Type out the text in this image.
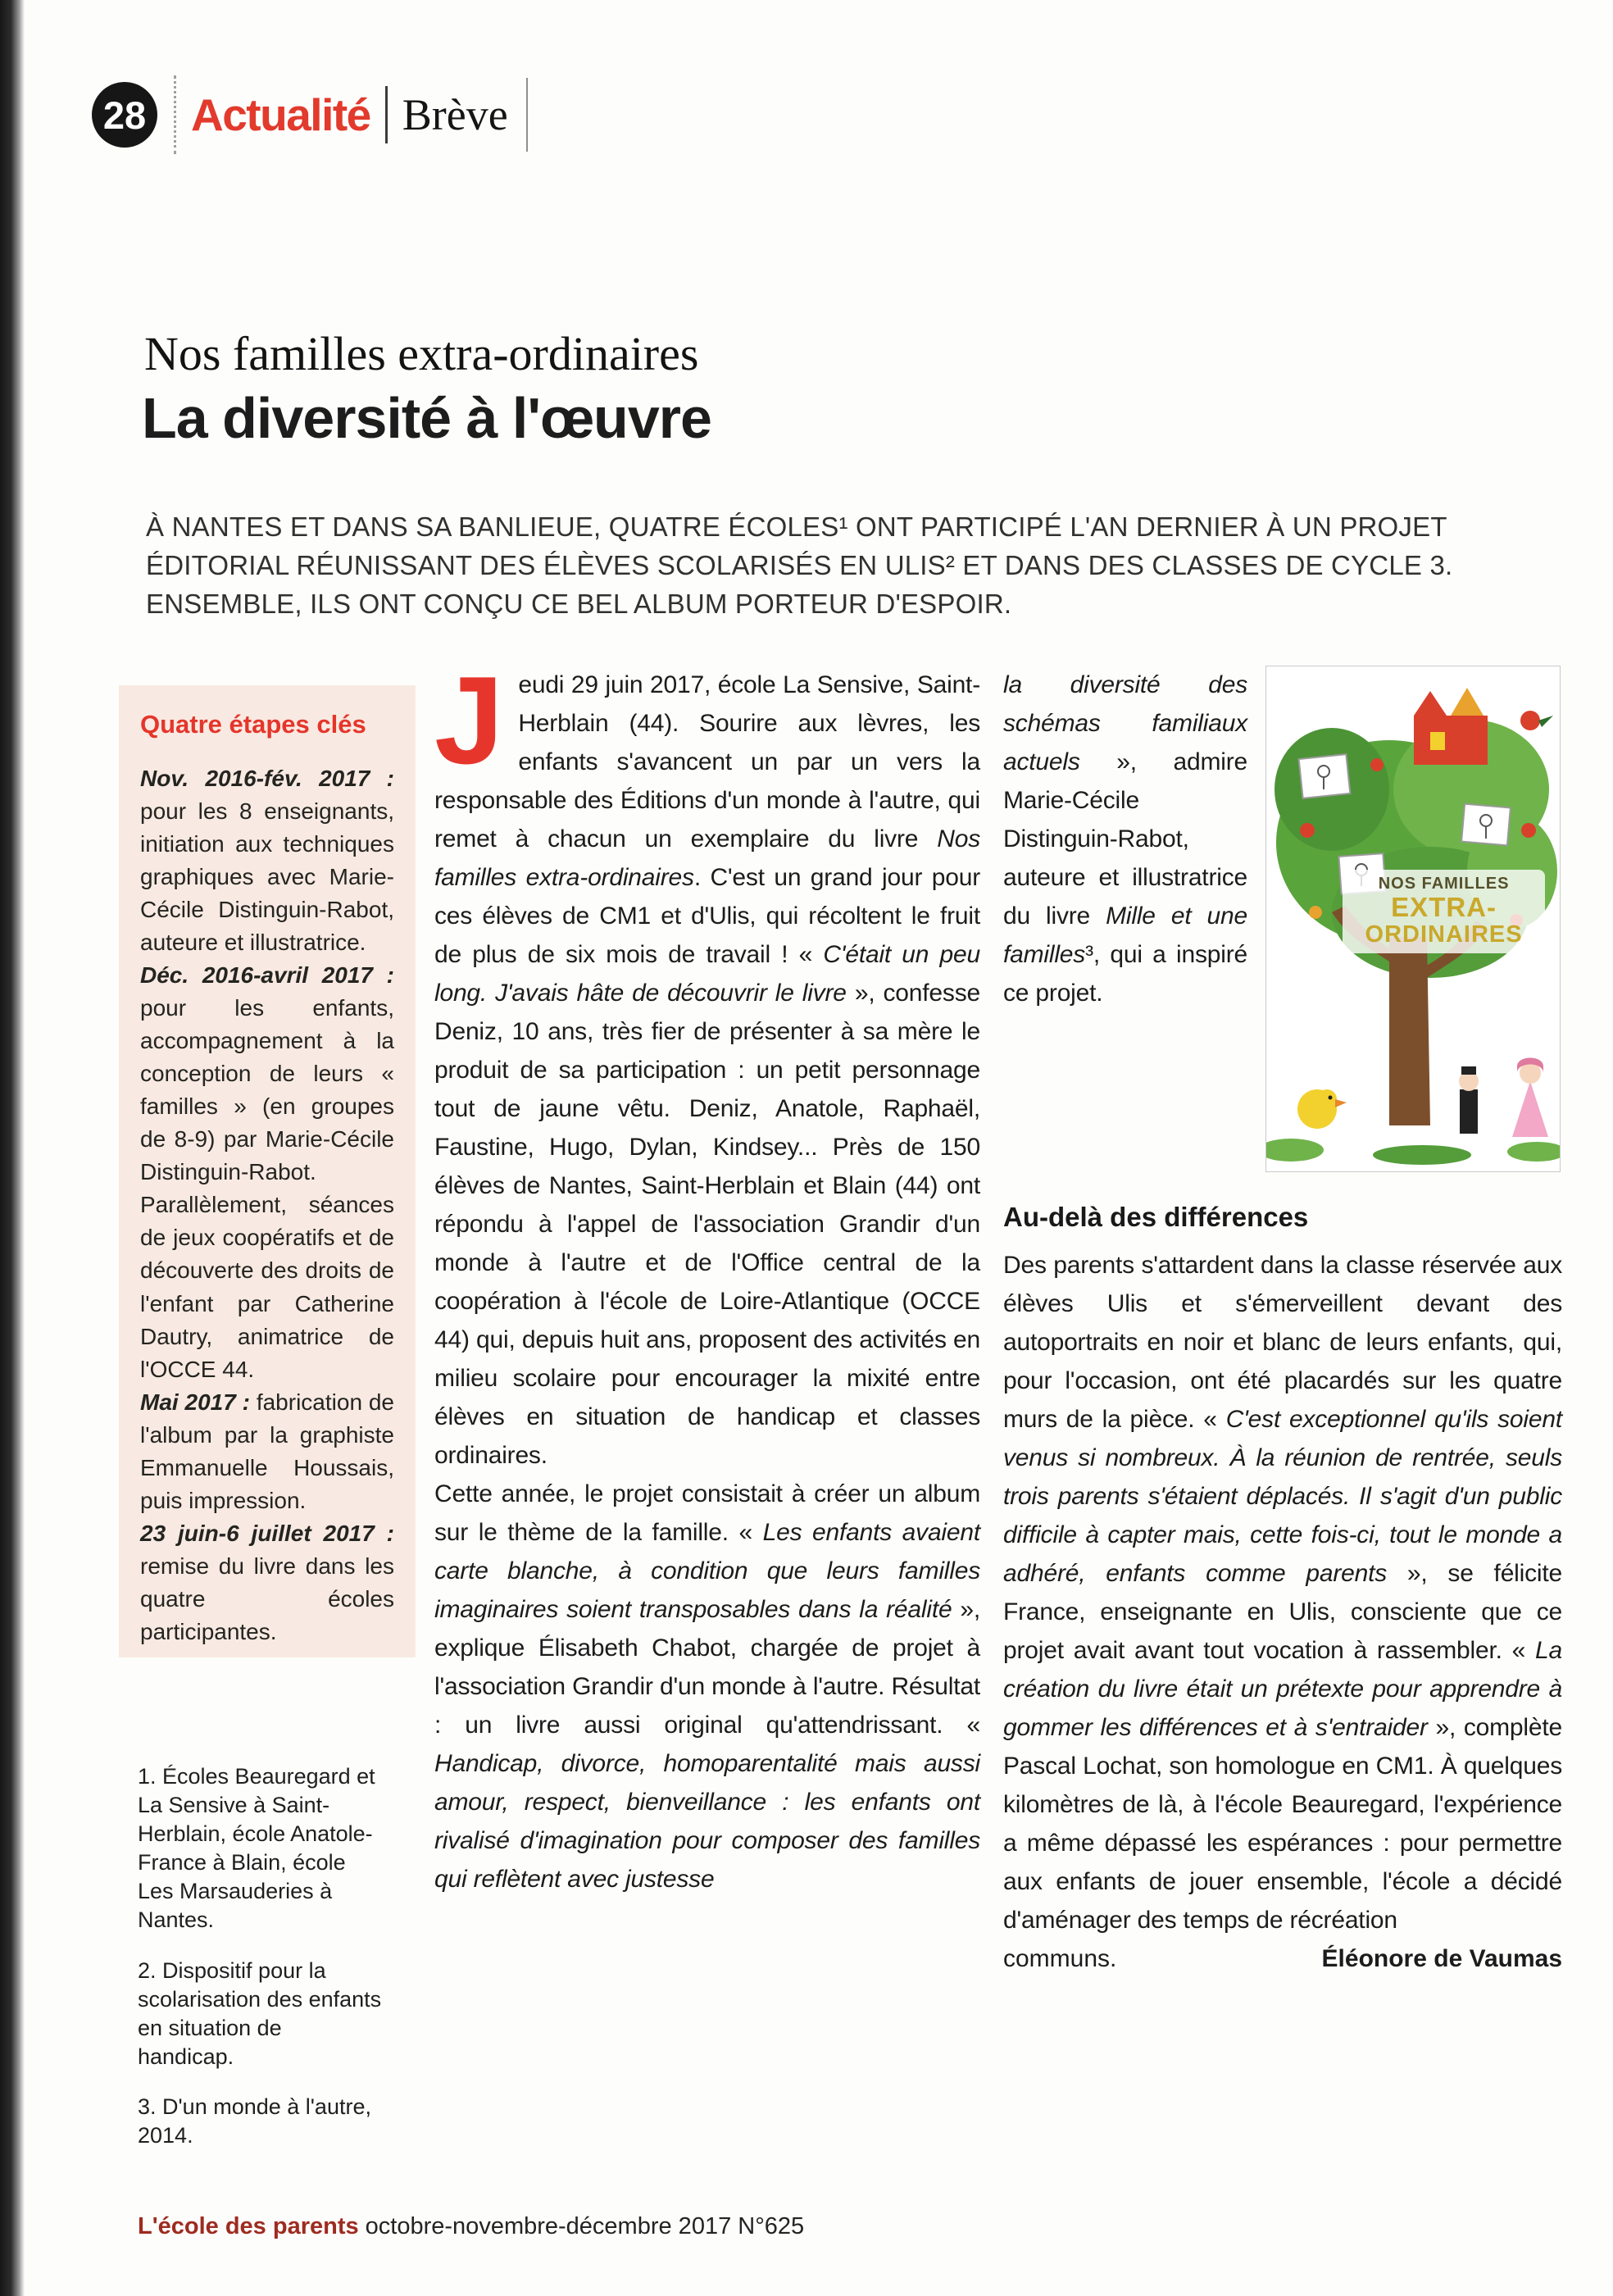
28 Actualité Brève
Nos familles extra-ordinaires
La diversité à l'œuvre
À NANTES ET DANS SA BANLIEUE, QUATRE ÉCOLES¹ ONT PARTICIPÉ L'AN DERNIER À UN PROJET ÉDITORIAL RÉUNISSANT DES ÉLÈVES SCOLARISÉS EN ULIS² ET DANS DES CLASSES DE CYCLE 3. ENSEMBLE, ILS ONT CONÇU CE BEL ALBUM PORTEUR D'ESPOIR.
Quatre étapes clés

Nov. 2016-fév. 2017 : pour les 8 enseignants, initiation aux techniques graphiques avec Marie-Cécile Distinguin-Rabot, auteure et illustratrice.

Déc. 2016-avril 2017 : pour les enfants, accompagnement à la conception de leurs « familles » (en groupes de 8-9) par Marie-Cécile Distinguin-Rabot. Parallèlement, séances de jeux coopératifs et de découverte des droits de l'enfant par Catherine Dautry, animatrice de l'OCCE 44.

Mai 2017 : fabrication de l'album par la graphiste Emmanuelle Houssais, puis impression.

23 juin-6 juillet 2017 : remise du livre dans les quatre écoles participantes.

Jeudi 29 juin 2017, école La Sensive, Saint-Herblain (44). Sourire aux lèvres, les enfants s'avancent un par un vers la responsable des Éditions d'un monde à l'autre, qui remet à chacun un exemplaire du livre Nos familles extra-ordinaires. C'est un grand jour pour ces élèves de CM1 et d'Ulis, qui récoltent le fruit de plus de six mois de travail ! « C'était un peu long. J'avais hâte de découvrir le livre », confesse Deniz, 10 ans, très fier de présenter à sa mère le produit de sa participation : un petit personnage tout de jaune vêtu. Deniz, Anatole, Raphaël, Faustine, Hugo, Dylan, Kindsey... Près de 150 élèves de Nantes, Saint-Herblain et Blain (44) ont répondu à l'appel de l'association Grandir d'un monde à l'autre et de l'Office central de la coopération à l'école de Loire-Atlantique (OCCE 44) qui, depuis huit ans, proposent des activités en milieu scolaire pour encourager la mixité entre élèves en situation de handicap et classes ordinaires.

Cette année, le projet consistait à créer un album sur le thème de la famille. « Les enfants avaient carte blanche, à condition que leurs familles imaginaires soient transposables dans la réalité », explique Élisabeth Chabot, chargée de projet à l'association Grandir d'un monde à l'autre. Résultat : un livre aussi original qu'attendrissant. « Handicap, divorce, homoparentalité mais aussi amour, respect, bienveillance : les enfants ont rivalisé d'imagination pour composer des familles qui reflètent avec justesse

la diversité des schémas familiaux actuels », admire Marie-Cécile Distinguin-Rabot, auteure et illustratrice du livre Mille et une familles³, qui a inspiré ce projet.

NOS FAMILLES
EXTRA-
ORDINAIRES
Au-delà des différences

Des parents s'attardent dans la classe réservée aux élèves Ulis et s'émerveillent devant des autoportraits en noir et blanc de leurs enfants, qui, pour l'occasion, ont été placardés sur les quatre murs de la pièce. « C'est exceptionnel qu'ils soient venus si nombreux. À la réunion de rentrée, seuls trois parents s'étaient déplacés. Il s'agit d'un public difficile à capter mais, cette fois-ci, tout le monde a adhéré, enfants comme parents », se félicite France, enseignante en Ulis, consciente que ce projet avait avant tout vocation à rassembler. « La création du livre était un prétexte pour apprendre à gommer les différences et à s'entraider », complète Pascal Lochat, son homologue en CM1. À quelques kilomètres de là, à l'école Beauregard, l'expérience a même dépassé les espérances : pour permettre aux enfants de jouer ensemble, l'école a décidé d'aménager des temps de récréation

communs.	Éléonore de Vaumas

1. Écoles Beauregard et La Sensive à Saint-Herblain, école Anatole-France à Blain, école Les Marsauderies à Nantes.

2. Dispositif pour la scolarisation des enfants en situation de handicap.

3. D'un monde à l'autre, 2014.

L'école des parents octobre-novembre-décembre 2017 N°625
